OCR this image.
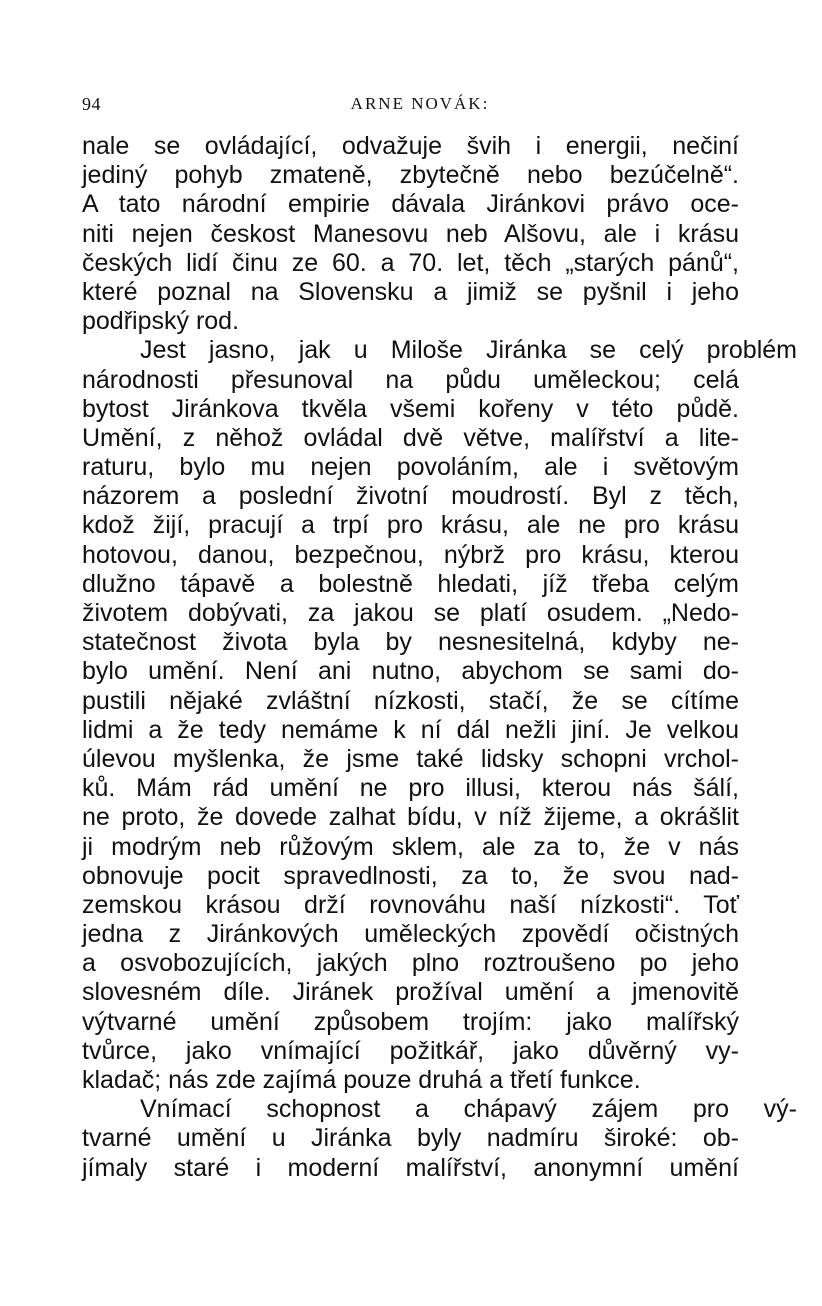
94	ARNE NOVÁK:
nale se ovládající, odvažuje švih i energii, nečiní
jediný pohyb zmateně, zbytečně nebo bezúčelně“.
A tato národní empirie dávala Jiránkovi právo oce-
niti nejen českost Manesovu neb Alšovu, ale i krásu
českých lidí činu ze 60. a 70. let, těch „starých pánů“,
které poznal na Slovensku a jimiž se pyšnil i jeho
podřipský rod.
Jest jasno, jak u Miloše Jiránka se celý problém
národnosti přesunoval na půdu uměleckou; celá
bytost Jiránkova tkvěla všemi kořeny v této půdě.
Umění, z něhož ovládal dvě větve, malířství a lite-
raturu, bylo mu nejen povoláním, ale i světovým
názorem a poslední životní moudrostí. Byl z těch,
kdož žijí, pracují a trpí pro krásu, ale ne pro krásu
hotovou, danou, bezpečnou, nýbrž pro krásu, kterou
dlužno tápavě a bolestně hledati, jíž třeba celým
životem dobývati, za jakou se platí osudem. „Nedo-
statečnost života byla by nesnesitelná, kdyby ne-
bylo umění. Není ani nutno, abychom se sami do-
pustili nějaké zvláštní nízkosti, stačí, že se cítíme
lidmi a že tedy nemáme k ní dál nežli jiní. Je velkou
úlevou myšlenka, že jsme také lidsky schopni vrchol-
ků. Mám rád umění ne pro illusi, kterou nás šálí,
ne proto, že dovede zalhat bídu, v níž žijeme, a okrášlit
ji modrým neb růžovým sklem, ale za to, že v nás
obnovuje pocit spravedlnosti, za to, že svou nad-
zemskou krásou drží rovnováhu naší nízkosti“. Toť
jedna z Jiránkových uměleckých zpovědí očistných
a osvobozujících, jakých plno roztroušeno po jeho
slovesném díle. Jiránek prožíval umění a jmenovitě
výtvarné umění způsobem trojím: jako malířský
tvůrce, jako vnímající požitkář, jako důvěrný vy-
kladač; nás zde zajímá pouze druhá a třetí funkce.
Vnímací schopnost a chápavý zájem pro vý-
tvarné umění u Jiránka byly nadmíru široké: ob-
jímaly staré i moderní malířství, anonymní umění
